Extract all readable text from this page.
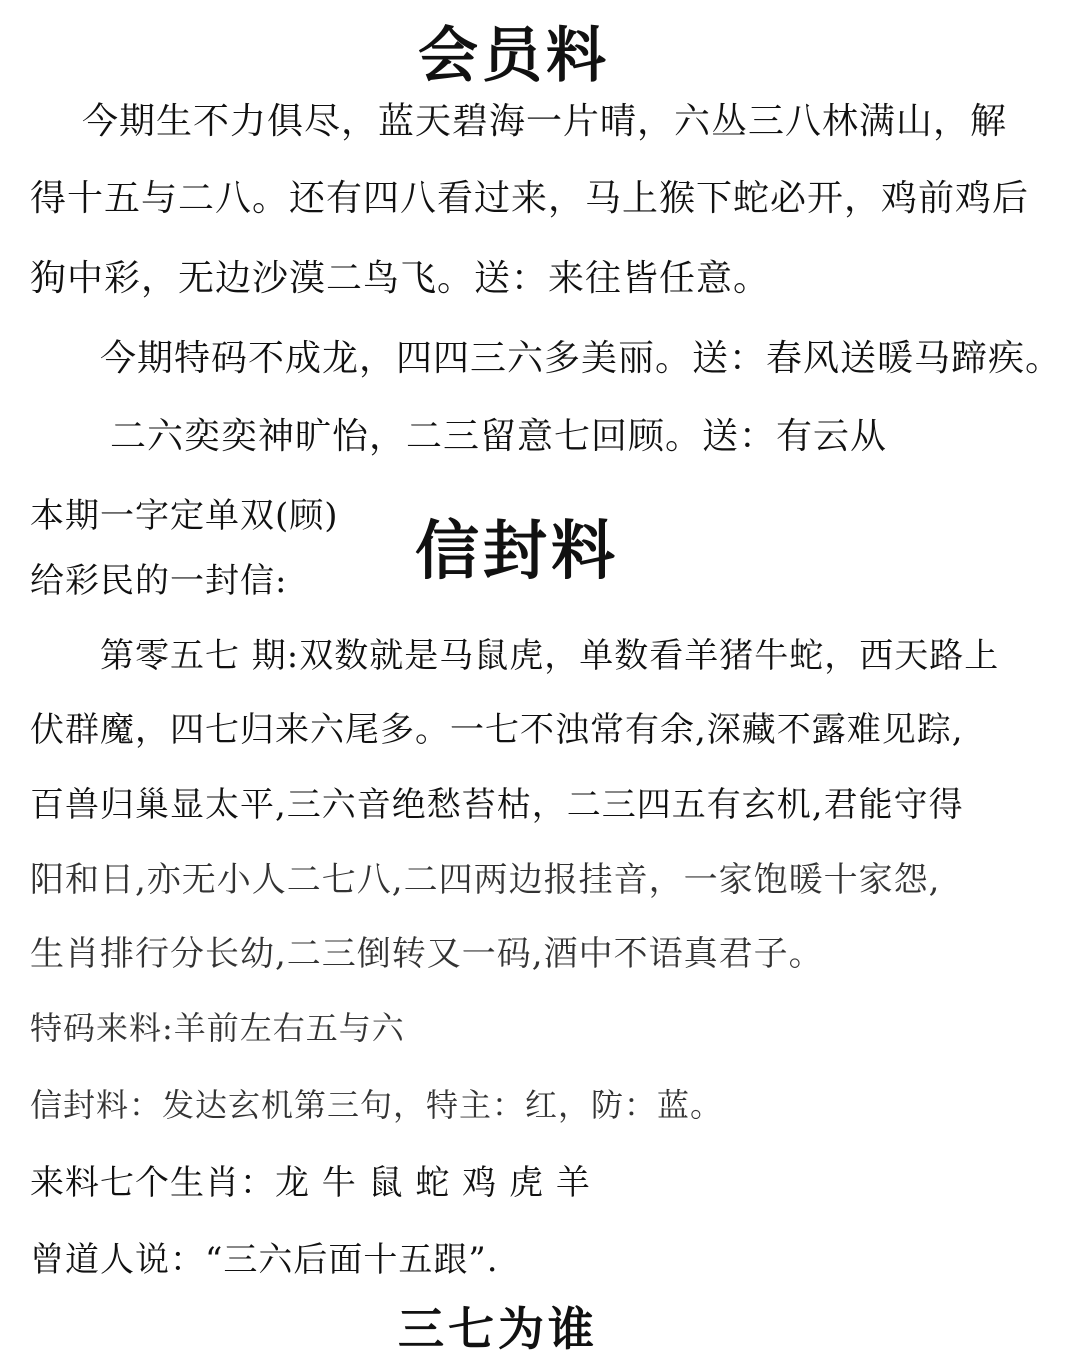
会员料
今期生不力俱尽，蓝天碧海一片晴，六丛三八林满山，解
得十五与二八。还有四八看过来，马上猴下蛇必开，鸡前鸡后
狗中彩，无边沙漠二鸟飞。送：来往皆任意。
今期特码不成龙，四四三六多美丽。送：春风送暖马蹄疾。
二六奕奕神旷怡，二三留意七回顾。送：有云从
本期一字定单双(顾) 信封料
给彩民的一封信:
第零五七 期:双数就是马鼠虎，单数看羊猪牛蛇，西天路上
伏群魔，四七归来六尾多。一七不浊常有余,深藏不露难见踪,
百兽归巢显太平,三六音绝愁苔枯，二三四五有玄机,君能守得
阳和日,亦无小人二七八,二四两边报挂音，一家饱暖十家怨,
生肖排行分长幼,二三倒转又一码,酒中不语真君子。
特码来料:羊前左右五与六
信封料：发达玄机第三句，特主：红，防：蓝。
来料七个生肖：龙 牛 鼠 蛇 鸡 虎 羊
曾道人说：“三六后面十五跟”.
三七为谁
